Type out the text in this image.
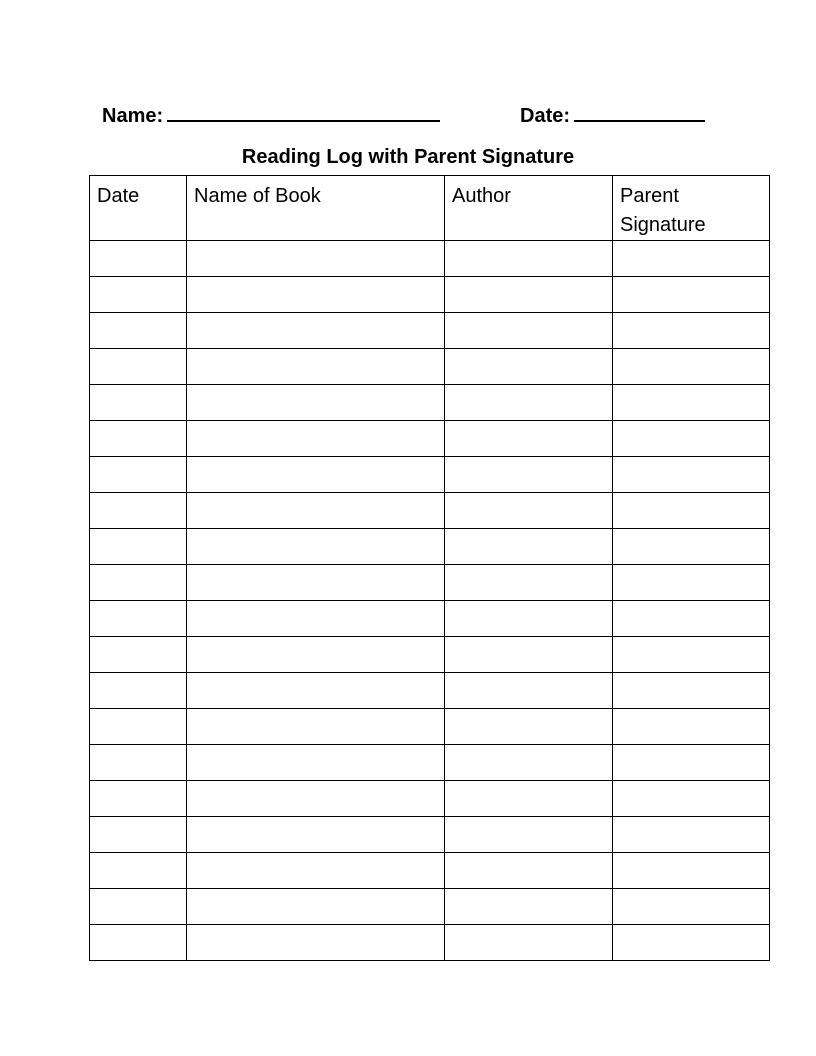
Name:	Date:
Reading Log with Parent Signature
Date	Name of Book	Author	Parent Signature
